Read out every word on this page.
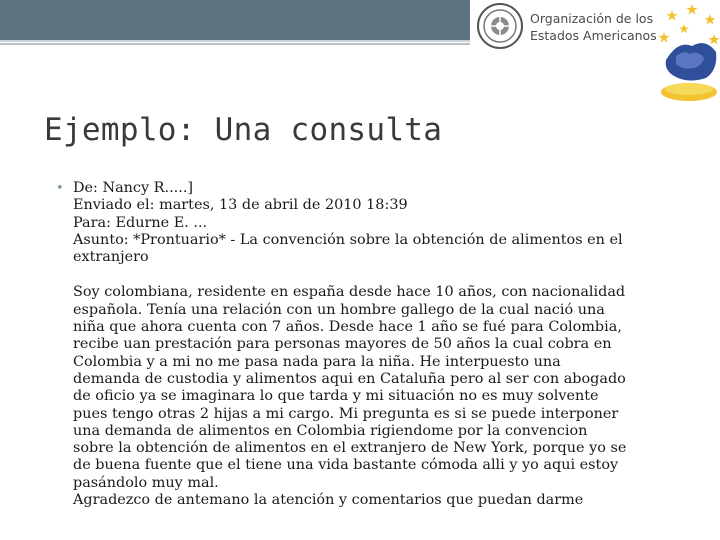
Organización de los
Estados Americanos
Ejemplo: Una consulta
• De: Nancy R.....]
Enviado el: martes, 13 de abril de 2010 18:39
Para: Edurne E. ...
Asunto: *Prontuario* - La convención sobre la obtención de alimentos en el
extranjero
Soy colombiana, residente en españa desde hace 10 años, con nacionalidad
española. Tenía una relación con un hombre gallego de la cual nació una
niña que ahora cuenta con 7 años. Desde hace 1 año se fué para Colombia,
recibe uan prestación para personas mayores de 50 años la cual cobra en
Colombia y a mi no me pasa nada para la niña. He interpuesto una
demanda de custodia y alimentos aqui en Cataluña pero al ser con abogado
de oficio ya se imaginara lo que tarda y mi situación no es muy solvente
pues tengo otras 2 hijas a mi cargo. Mi pregunta es si se puede interponer
una demanda de alimentos en Colombia rigiendome por la convencion
sobre la obtención de alimentos en el extranjero de New York, porque yo se
de buena fuente que el tiene una vida bastante cómoda alli y yo aqui estoy
pasándolo muy mal.
Agradezco de antemano la atención y comentarios que puedan darme
